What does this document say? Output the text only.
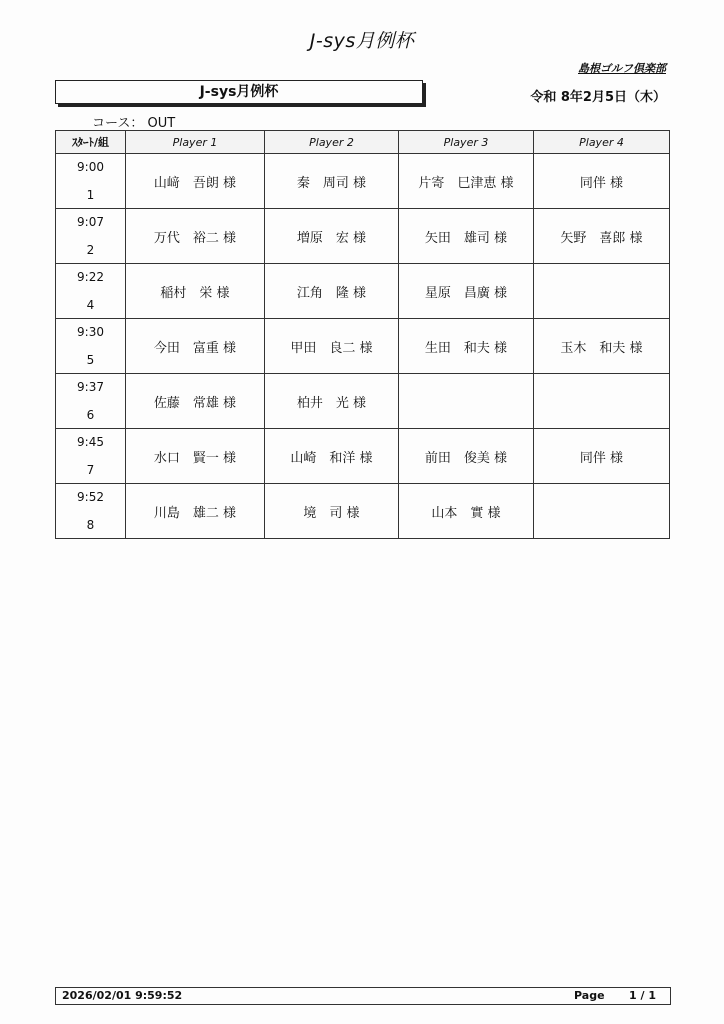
J-sys月例杯
島根ゴルフ倶楽部
J-sys月例杯	令和 8年2月5日（木）
コース： OUT
ｽﾀｰﾄ/組	Player 1	Player 2	Player 3	Player 4

9:00
1	山﨑　吾朗 様	秦　周司 様	片寄　巳津恵 様	同伴 様

9:07
2	万代　裕二 様	増原　宏 様	矢田　雄司 様	矢野　喜郎 様

9:22
4	稲村　栄 様	江角　隆 様	星原　昌廣 様	

9:30
5	今田　富重 様	甲田　良二 様	生田　和夫 様	玉木　和夫 様

9:37
6	佐藤　常雄 様	柏井　光 様		

9:45
7	水口　賢一 様	山崎　和洋 様	前田　俊美 様	同伴 様

9:52
8	川島　雄二 様	境　司 様	山本　實 様	
2026/02/01 9:59:52	Page 1 / 1
